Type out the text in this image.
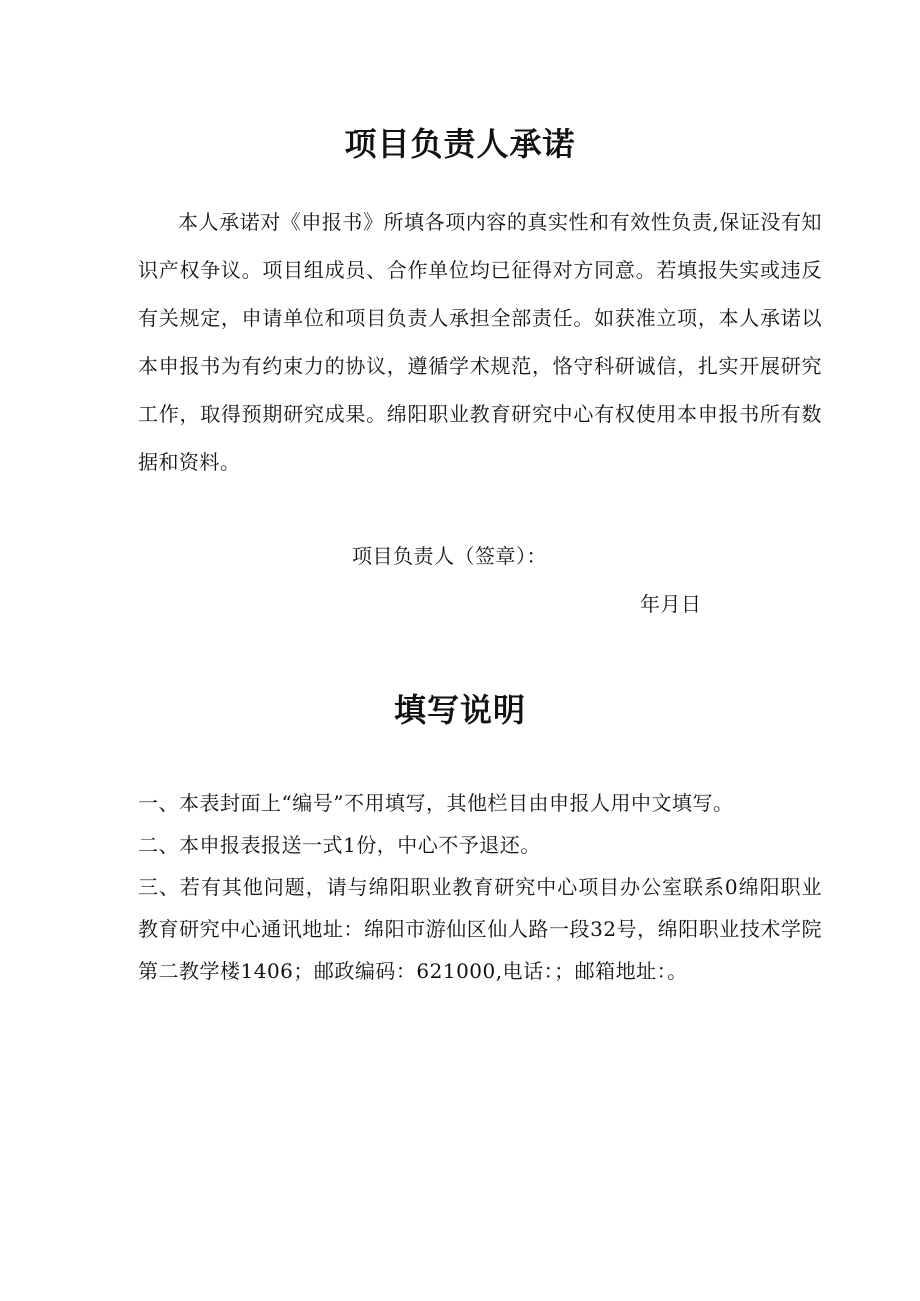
项目负责人承诺

本人承诺对《申报书》所填各项内容的真实性和有效性负责,保证没有知识产权争议。项目组成员、合作单位均已征得对方同意。若填报失实或违反有关规定，申请单位和项目负责人承担全部责任。如获准立项，本人承诺以本申报书为有约束力的协议，遵循学术规范，恪守科研诚信，扎实开展研究工作，取得预期研究成果。绵阳职业教育研究中心有权使用本申报书所有数据和资料。

项目负责人（签章）：
年月日
填写说明
一、本表封面上“编号”不用填写，其他栏目由申报人用中文填写。
二、本申报表报送一式1份，中心不予退还。
三、若有其他问题，请与绵阳职业教育研究中心项目办公室联系0绵阳职业教育研究中心通讯地址：绵阳市游仙区仙人路一段32号，绵阳职业技术学院第二教学楼1406；邮政编码：621000,电话：；邮箱地址：。
